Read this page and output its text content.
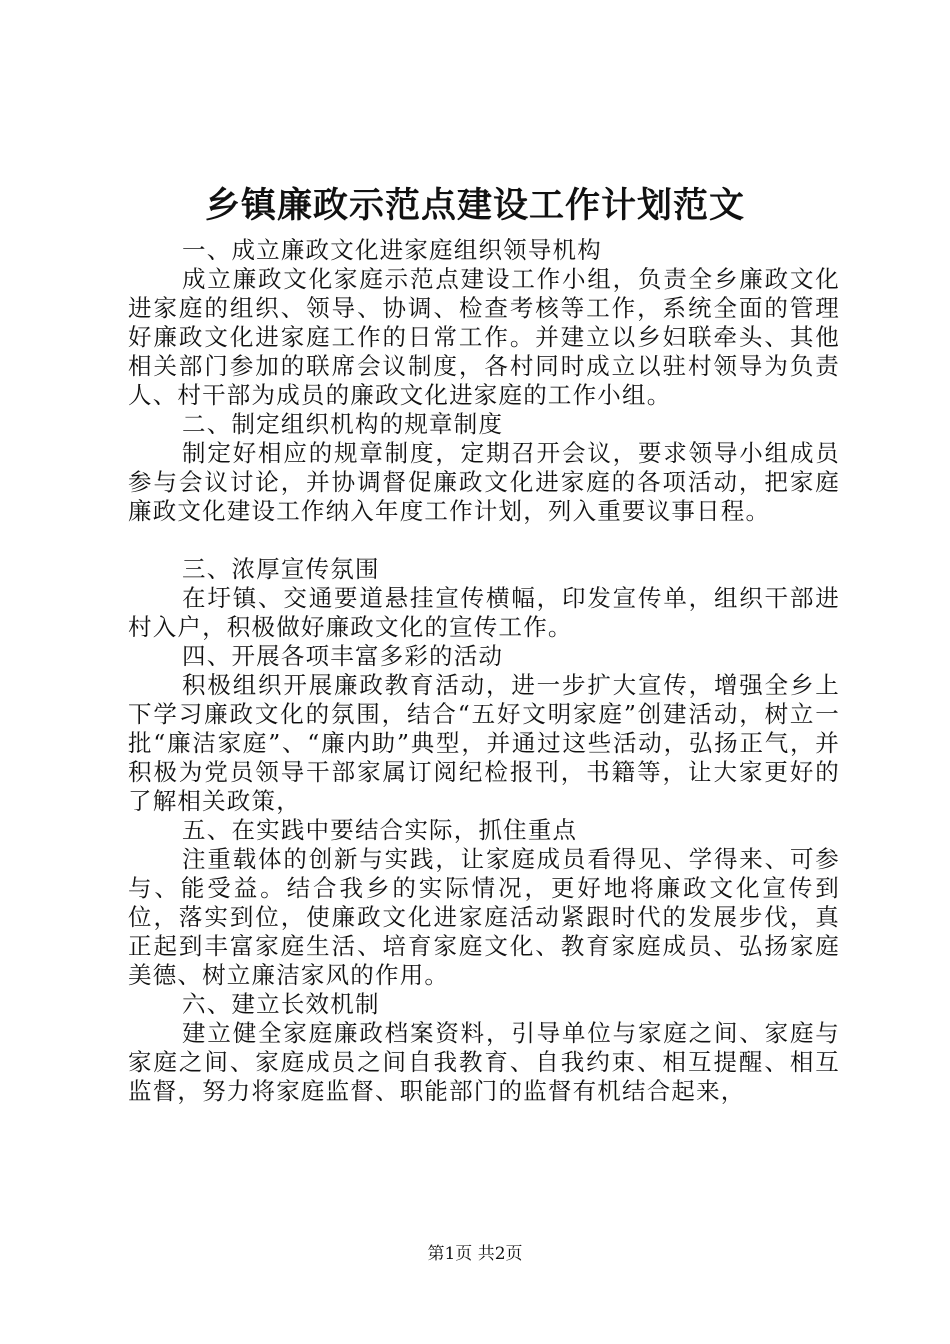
乡镇廉政示范点建设工作计划范文

一、成立廉政文化进家庭组织领导机构

成立廉政文化家庭示范点建设工作小组，负责全乡廉政文化进家庭的组织、领导、协调、检查考核等工作，系统全面的管理好廉政文化进家庭工作的日常工作。并建立以乡妇联牵头、其他相关部门参加的联席会议制度，各村同时成立以驻村领导为负责人、村干部为成员的廉政文化进家庭的工作小组。

二、制定组织机构的规章制度

制定好相应的规章制度，定期召开会议，要求领导小组成员参与会议讨论，并协调督促廉政文化进家庭的各项活动，把家庭廉政文化建设工作纳入年度工作计划，列入重要议事日程。

三、浓厚宣传氛围

在圩镇、交通要道悬挂宣传横幅，印发宣传单，组织干部进村入户，积极做好廉政文化的宣传工作。

四、开展各项丰富多彩的活动

积极组织开展廉政教育活动，进一步扩大宣传，增强全乡上下学习廉政文化的氛围，结合“五好文明家庭”创建活动，树立一批“廉洁家庭”、“廉内助”典型，并通过这些活动，弘扬正气，并积极为党员领导干部家属订阅纪检报刊，书籍等，让大家更好的了解相关政策，

五、在实践中要结合实际，抓住重点

注重载体的创新与实践，让家庭成员看得见、学得来、可参与、能受益。结合我乡的实际情况，更好地将廉政文化宣传到位，落实到位，使廉政文化进家庭活动紧跟时代的发展步伐，真正起到丰富家庭生活、培育家庭文化、教育家庭成员、弘扬家庭美德、树立廉洁家风的作用。

六、建立长效机制

建立健全家庭廉政档案资料，引导单位与家庭之间、家庭与家庭之间、家庭成员之间自我教育、自我约束、相互提醒、相互监督，努力将家庭监督、职能部门的监督有机结合起来，

第1页 共2页
